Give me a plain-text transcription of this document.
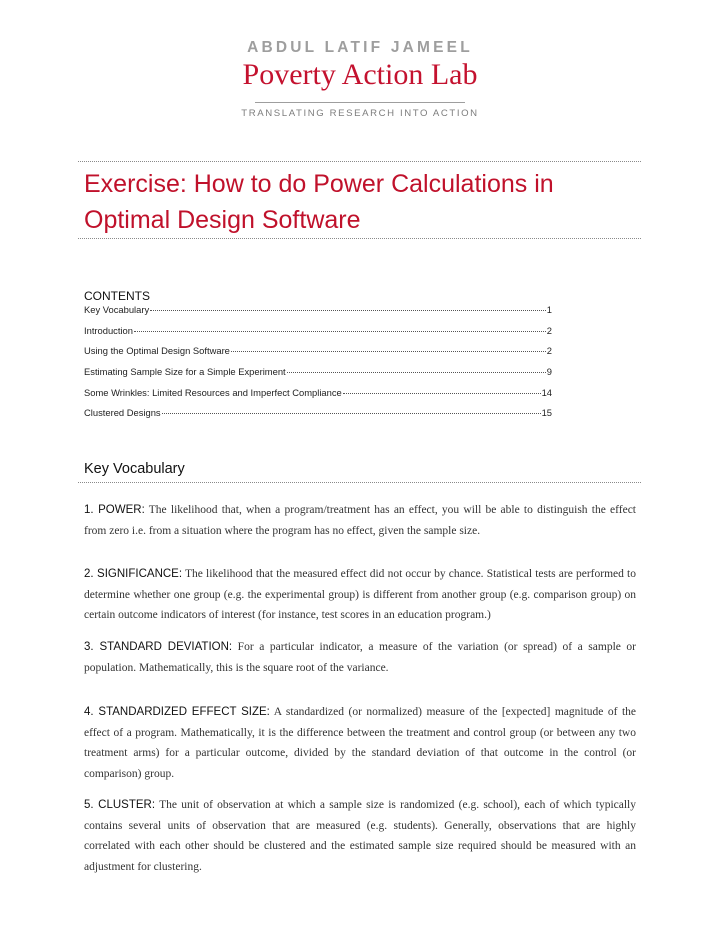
ABDUL LATIF JAMEEL
Poverty Action Lab
TRANSLATING RESEARCH INTO ACTION
Exercise: How to do Power Calculations in Optimal Design Software
CONTENTS
Key Vocabulary	1
Introduction	2
Using the Optimal Design Software	2
Estimating Sample Size for a Simple Experiment	9
Some Wrinkles: Limited Resources and Imperfect Compliance	14
Clustered Designs	15
Key Vocabulary

1. POWER: The likelihood that, when a program/treatment has an effect, you will be able to distinguish the effect from zero i.e. from a situation where the program has no effect, given the sample size.

2. SIGNIFICANCE: The likelihood that the measured effect did not occur by chance. Statistical tests are performed to determine whether one group (e.g. the experimental group) is different from another group (e.g. comparison group) on certain outcome indicators of interest (for instance, test scores in an education program.)

3. STANDARD DEVIATION: For a particular indicator, a measure of the variation (or spread) of a sample or population. Mathematically, this is the square root of the variance.

4. STANDARDIZED EFFECT SIZE: A standardized (or normalized) measure of the [expected] magnitude of the effect of a program. Mathematically, it is the difference between the treatment and control group (or between any two treatment arms) for a particular outcome, divided by the standard deviation of that outcome in the control (or comparison) group.

5. CLUSTER: The unit of observation at which a sample size is randomized (e.g. school), each of which typically contains several units of observation that are measured (e.g. students). Generally, observations that are highly correlated with each other should be clustered and the estimated sample size required should be measured with an adjustment for clustering.
